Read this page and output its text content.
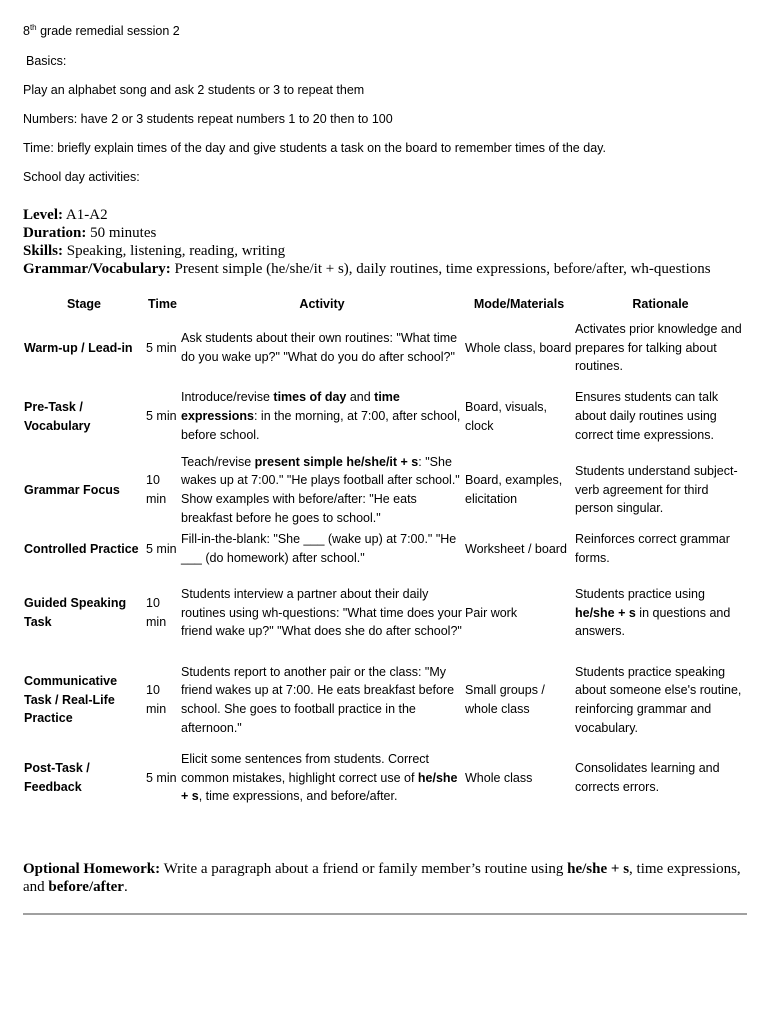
8th grade remedial session 2
Basics:
Play an alphabet song and ask 2 students or 3 to repeat them
Numbers: have 2 or 3 students repeat numbers 1 to 20 then to 100
Time: briefly explain times of the day and give students a task on the board to remember times of the day.
School day activities:
Level: A1-A2
Duration: 50 minutes
Skills: Speaking, listening, reading, writing
Grammar/Vocabulary: Present simple (he/she/it + s), daily routines, time expressions, before/after, wh-questions
Stage	Time	Activity	Mode/Materials	Rationale
Warm-up / Lead-in	5 min	Ask students about their own routines: "What time do you wake up?" "What do you do after school?"	Whole class, board	Activates prior knowledge and prepares for talking about routines.
Pre-Task / Vocabulary	5 min	Introduce/revise times of day and time expressions: in the morning, at 7:00, after school, before school.	Board, visuals, clock	Ensures students can talk about daily routines using correct time expressions.
Grammar Focus	10 min	Teach/revise present simple he/she/it + s: "She wakes up at 7:00." "He plays football after school." Show examples with before/after: "He eats breakfast before he goes to school."	Board, examples, elicitation	Students understand subject-verb agreement for third person singular.
Controlled Practice	5 min	Fill-in-the-blank: "She ___ (wake up) at 7:00." "He ___ (do homework) after school."	Worksheet / board	Reinforces correct grammar forms.
Guided Speaking Task	10 min	Students interview a partner about their daily routines using wh-questions: "What time does your friend wake up?" "What does she do after school?"	Pair work	Students practice using he/she + s in questions and answers.
Communicative Task / Real-Life Practice	10 min	Students report to another pair or the class: "My friend wakes up at 7:00. He eats breakfast before school. She goes to football practice in the afternoon."	Small groups / whole class	Students practice speaking about someone else's routine, reinforcing grammar and vocabulary.
Post-Task / Feedback	5 min	Elicit some sentences from students. Correct common mistakes, highlight correct use of he/she + s, time expressions, and before/after.	Whole class	Consolidates learning and corrects errors.
Optional Homework: Write a paragraph about a friend or family member’s routine using he/she + s, time expressions, and before/after.
